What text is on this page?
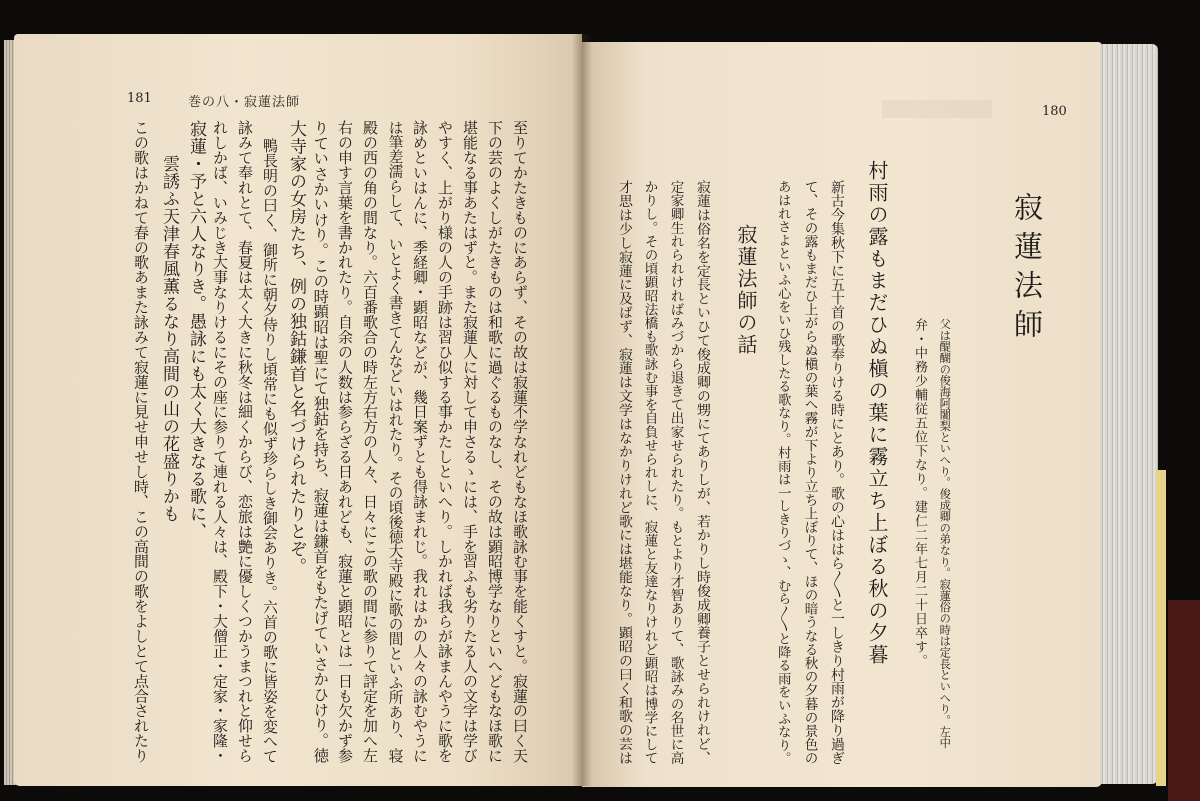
181	巻の八・寂蓮法師
至りてかたきものにあらず、その故は寂蓮不学なれどもなほ歌詠む事を能くすと。寂蓮の曰く天
下の芸のよくしがたきものは和歌に過ぐるものなし、その故は顕昭博学なりといへどもなほ歌に
堪能なる事あたはずと。また寂蓮人に対して申さるゝには、手を習ふも劣りたる人の文字は学び
やすく、上がり様の人の手跡は習ひ似する事かたしといへり。しかれば我らが詠まんやうに歌を
詠めといはんに、季経卿・顕昭などが、幾日案ずとも得詠まれじ。我れはかの人々の詠むやうに
は筆差濡らして、いとよく書きてんなどいはれたり。その頃後徳大寺殿に歌の間といふ所あり、寝
殿の西の角の間なり。六百番歌合の時左方右方の人々、日々にこの歌の間に参りて評定を加へ左
右の申す言葉を書かれたり。自余の人数は参らざる日あれども、寂蓮と顕昭とは一日も欠かず参
りていさかいけり。この時顕昭は聖にて独鈷を持ち、寂蓮は鎌首をもたげていさかひけり。徳
大寺家の女房たち、例の独鈷鎌首と名づけられたりとぞ。
鴨長明の曰く、御所に朝夕侍りし頃常にも似ず珍らしき御会ありき。六首の歌に皆姿を変へて
詠みて奉れとて、春夏は太く大きに秋冬は細くからび、恋旅は艶に優しくつかうまつれと仰せら
れしかば、いみじき大事なりけるにその座に参りて連れる人々は、殿下・大僧正・定家・家隆・
寂蓮・予と六人なりき。愚詠にも太く大きなる歌に、
雲誘ふ天津春風薫るなり高間の山の花盛りかも
この歌はかねて春の歌あまた詠みて寂蓮に見せ申せし時、この高間の歌をよしとて点合されたり
180
寂蓮法師
父は醍醐の俊海阿闍梨といへり。俊成卿の弟なり。寂蓮俗の時は定長といへり。左中
弁・中務少輔従五位下なり。建仁二年七月二十日卒す。
村雨の露もまだひぬ槇の葉に霧立ち上ぼる秋の夕暮
新古今集秋下に五十首の歌奉りける時にとあり。歌の心ははら〳〵と一しきり村雨が降り過ぎ
て、その露もまだひ上がらぬ槇の葉へ霧が下より立ち上ぼりて、ほの暗うなる秋の夕暮の景色の
あはれさよといふ心をいひ残したる歌なり。村雨は一しきりづゝ、むら〳〵と降る雨をいふなり。
寂蓮法師の話
寂蓮は俗名を定長といひて俊成卿の甥にてありしが、若かりし時俊成卿養子とせられけれど、
定家卿生れられければみづから退きて出家せられたり。もとより才智ありて、歌詠みの名世に高
かりし。その頃顕昭法橋も歌詠む事を自負せられしに、寂蓮と友達なりけれど顕昭は博学にして
才思は少し寂蓮に及ばず、寂蓮は文学はなかりけれど歌には堪能なり。顕昭の曰く和歌の芸は
